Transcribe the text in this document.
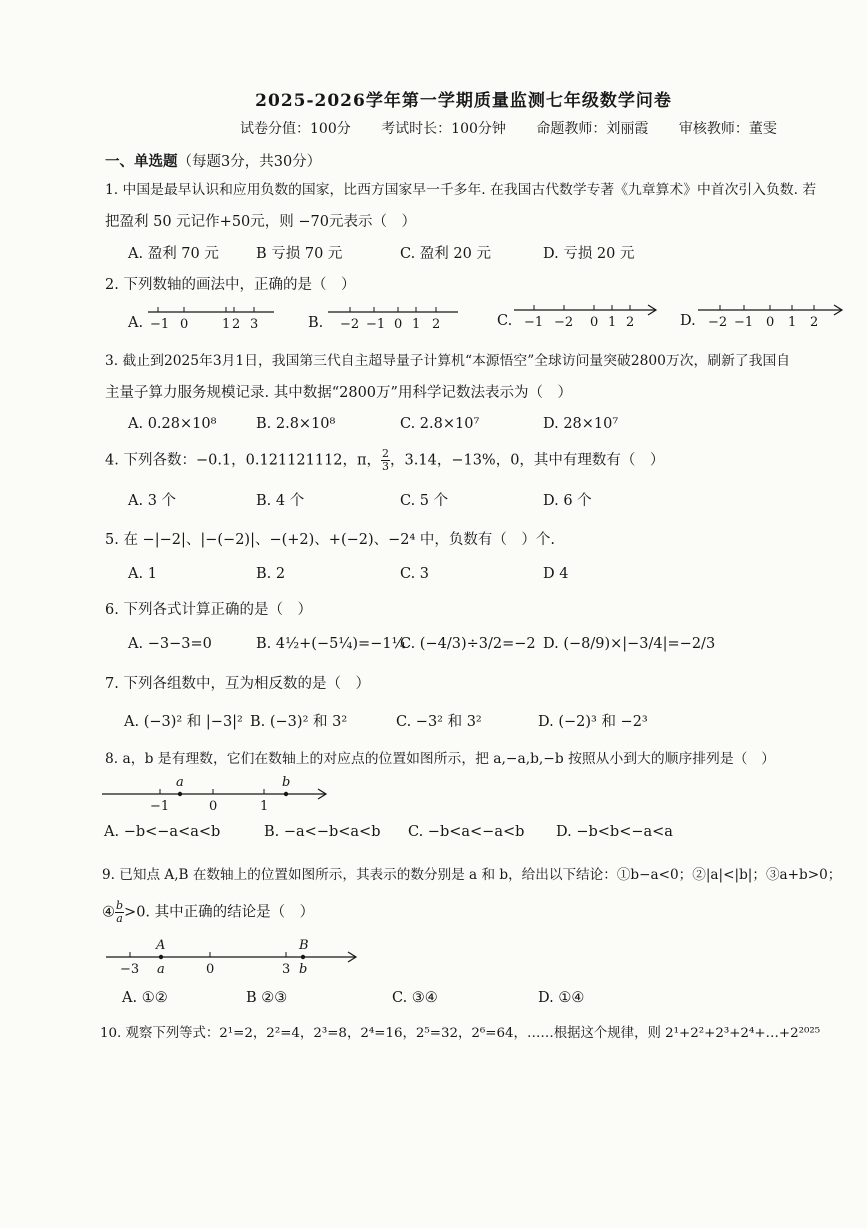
2025-2026学年第一学期质量监测七年级数学问卷
试卷分值：100分 考试时长：100分钟 命题教师：刘丽霞 审核教师：董雯
一、单选题（每题3分，共30分）
1. 中国是最早认识和应用负数的国家，比西方国家早一千多年. 在我国古代数学专著《九章算术》中首次引入负数. 若
把盈利 50 元记作+50元，则 −70元表示（　）
A. 盈利 70 元	B 亏损 70 元	C. 盈利 20 元	D. 亏损 20 元
2. 下列数轴的画法中，正确的是（　）
A. −1 0	1 2 3	B. −2 −1 0 1 2	C. −1 −2 0 1 2	D. −2 −1 0 1 2
3. 截止到2025年3月1日，我国第三代自主超导量子计算机“本源悟空”全球访问量突破2800万次，刷新了我国自
主量子算力服务规模记录. 其中数据“2800万”用科学记数法表示为（　）
A. 0.28×10⁸	B. 2.8×10⁸	C. 2.8×10⁷	D. 28×10⁷
4. 下列各数：−0.1，0.121121112，π， $\frac{2}{3}$ ，3.14，−13%，0，其中有理数有（　）
A. 3 个	B. 4 个	C. 5 个	D. 6 个
5. 在 −|−2|、|−(−2)|、−(+2)、+(−2)、−2⁴ 中，负数有（　）个.
A. 1	B. 2	C. 3	D 4
6. 下列各式计算正确的是（　）
A. −3−3=0	B. 4½+(−5¼)=−1¼
C. (−4/3)÷3/2=−2 D. (−8/9)×|−3/4|=−2/3
7. 下列各组数中，互为相反数的是（　）
A. (−3)² 和 |−3|² B. (−3)² 和 3²	C. −3² 和 3²	D. (−2)³ 和 −2³
8. a，b 是有理数，它们在数轴上的对应点的位置如图所示，把 a,−a,b,−b 按照从小到大的顺序排列是（　）
a	b
−1	0	1
A. −b<−a<a<b	B. −a<−b<a<b C. −b<a<−a<b D. −b<b<−a<a
9. 已知点 A,B 在数轴上的位置如图所示，其表示的数分别是 a 和 b，给出以下结论：①b−a<0；②|a|<|b|；③a+b>0；
④ $\frac{b}{a} >0$. 其中正确的结论是（　）
A	B
−3 a	0	3 b
A. ①②	B ②③	C. ③④	D. ①④
10. 观察下列等式：2¹=2，2²=4，2³=8，2⁴=16，2⁵=32，2⁶=64，……根据这个规律，则 2¹+2²+2³+2⁴+…+2²⁰²⁵
